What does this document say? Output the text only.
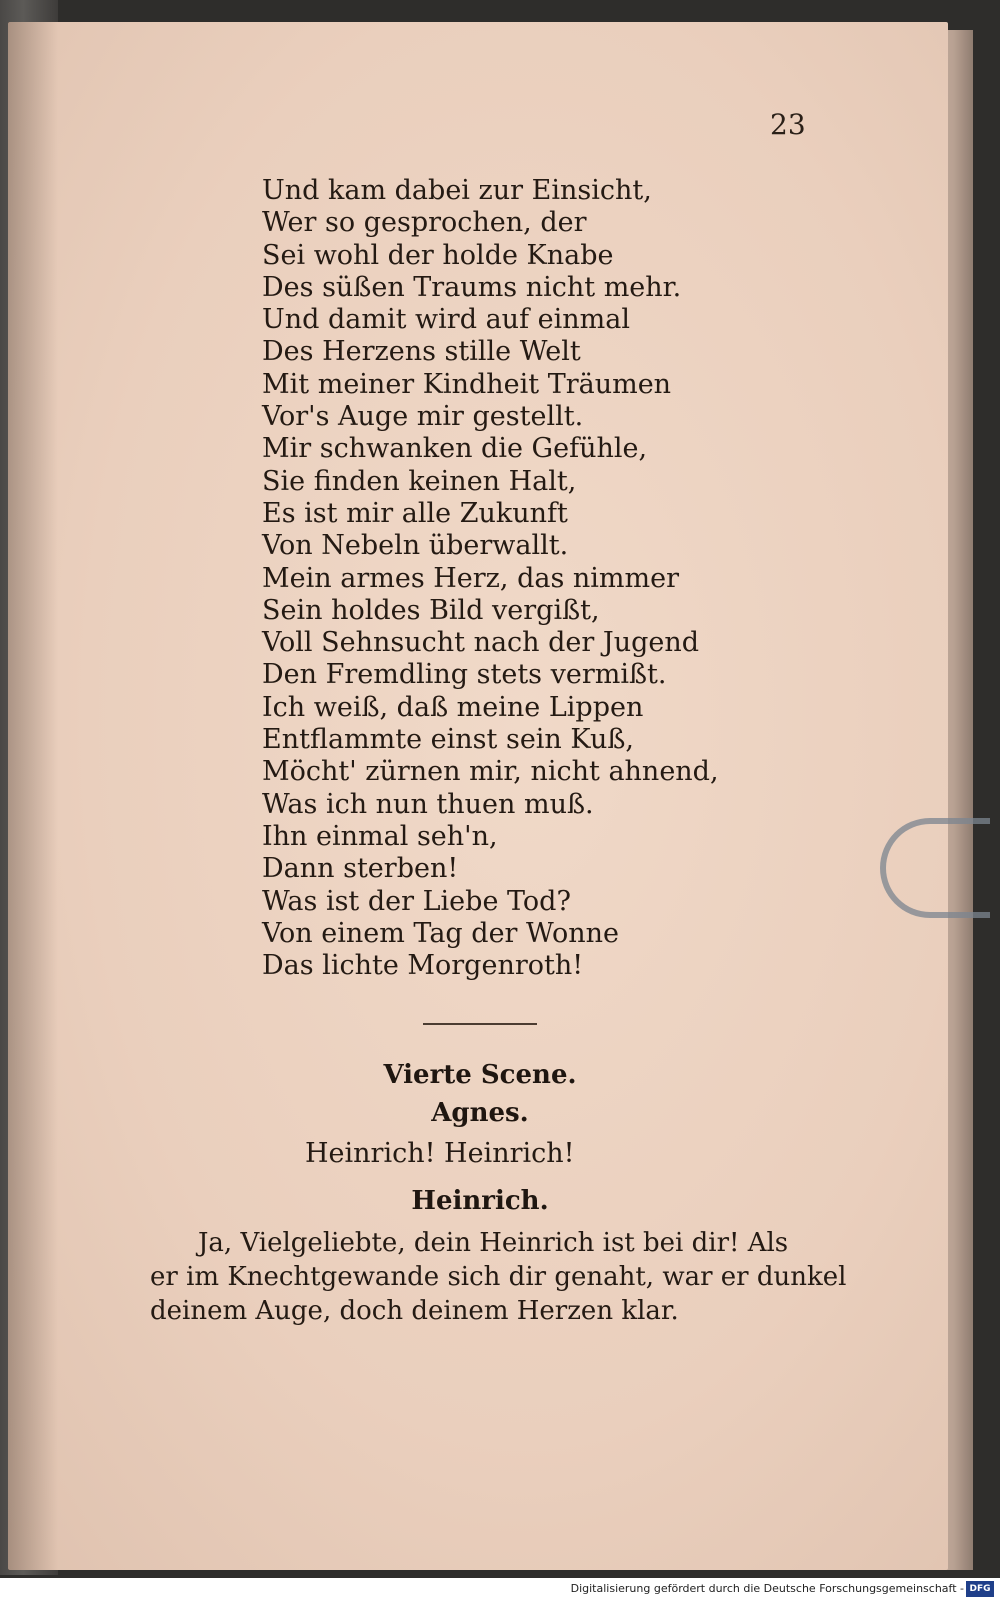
23
Und kam dabei zur Einsicht,
Wer so gesprochen, der
Sei wohl der holde Knabe
Des süßen Traums nicht mehr.
Und damit wird auf einmal
Des Herzens stille Welt
Mit meiner Kindheit Träumen
Vor's Auge mir gestellt.
Mir schwanken die Gefühle,
Sie finden keinen Halt,
Es ist mir alle Zukunft
Von Nebeln überwallt.
Mein armes Herz, das nimmer
Sein holdes Bild vergißt,
Voll Sehnsucht nach der Jugend
Den Fremdling stets vermißt.
Ich weiß, daß meine Lippen
Entflammte einst sein Kuß,
Möcht' zürnen mir, nicht ahnend,
Was ich nun thuen muß.
Ihn einmal seh'n,
Dann sterben!
Was ist der Liebe Tod?
Von einem Tag der Wonne
Das lichte Morgenroth!
Vierte Scene.
Agnes.
Heinrich! Heinrich!
Heinrich.
Ja, Vielgeliebte, dein Heinrich ist bei dir! Als
er im Knechtgewande sich dir genaht, war er dunkel
deinem Auge, doch deinem Herzen klar.
Digitalisierung gefördert durch die Deutsche Forschungsgemeinschaft - DFG
